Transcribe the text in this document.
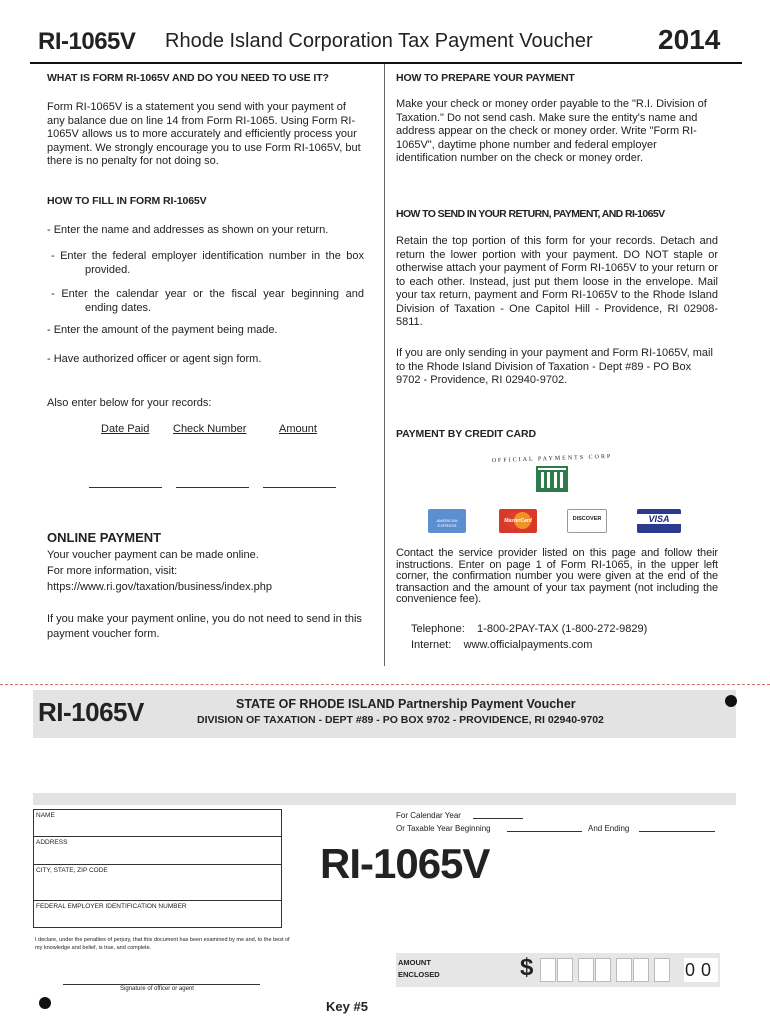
RI-1065V Rhode Island Corporation Tax Payment Voucher 2014
WHAT IS FORM RI-1065V AND DO YOU NEED TO USE IT?
Form RI-1065V is a statement you send with your payment of any balance due on line 14 from Form RI-1065. Using Form RI-1065V allows us to more accurately and efficiently process your payment. We strongly encourage you to use Form RI-1065V, but there is no penalty for not doing so.
HOW TO FILL IN FORM RI-1065V
- Enter the name and addresses as shown on your return.
- Enter the federal employer identification number in the box provided.
- Enter the calendar year or the fiscal year beginning and ending dates.
- Enter the amount of the payment being made.
- Have authorized officer or agent sign form.
Also enter below for your records:
Date Paid Check Number	Amount
ONLINE PAYMENT
Your voucher payment can be made online.
For more information, visit:
https://www.ri.gov/taxation/business/index.php
If you make your payment online, you do not need to send in this payment voucher form.
HOW TO PREPARE YOUR PAYMENT
Make your check or money order payable to the "R.I. Division of Taxation." Do not send cash. Make sure the entity's name and address appear on the check or money order. Write "Form RI-1065V", daytime phone number and federal employer identification number on the check or money order.
HOW TO SEND IN YOUR RETURN, PAYMENT, AND RI-1065V
Retain the top portion of this form for your records. Detach and return the lower portion with your payment. DO NOT staple or otherwise attach your payment of Form RI-1065V to your return or to each other. Instead, just put them loose in the envelope. Mail your tax return, payment and Form RI-1065V to the Rhode Island Division of Taxation - One Capitol Hill - Providence, RI 02908-5811.
If you are only sending in your payment and Form RI-1065V, mail to the Rhode Island Division of Taxation - Dept #89 - PO Box 9702 - Providence, RI 02940-9702.
PAYMENT BY CREDIT CARD
OFFICIAL PAYMENTS CORP
AMERICAN EXPRESS
MasterCard	DISCOVER	VISA
Contact the service provider listed on this page and follow their instructions. Enter on page 1 of Form RI-1065, in the upper left corner, the confirmation number you were given at the end of the transaction and the amount of your tax payment (not including the convenience fee).
Telephone:    1-800-2PAY-TAX (1-800-272-9829)
Internet:    www.officialpayments.com
RI-1065V	STATE OF RHODE ISLAND Partnership Payment Voucher
DIVISION OF TAXATION - DEPT #89 - PO BOX 9702 - PROVIDENCE, RI 02940-9702
NAME
ADDRESS
CITY, STATE, ZIP CODE
FEDERAL EMPLOYER IDENTIFICATION NUMBER
I declare, under the penalties of perjury, that this document has been examined by me and, to the best of my knowledge and belief, is true, and complete.
Signature of officer or agent
For Calendar Year
Or Taxable Year Beginning	And Ending
RI-1065V
AMOUNT
ENCLOSED	$	00
Key #5
